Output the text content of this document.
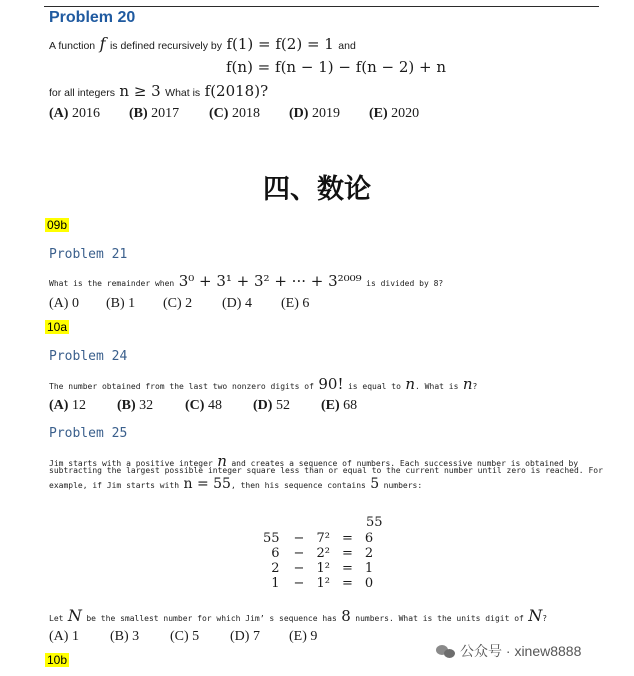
Problem 20
A function f is defined recursively by f(1) = f(2) = 1 and
f(n) = f(n − 1) − f(n − 2) + n
for all integers n ≥ 3 What is f(2018)?
(A) 2016 (B) 2017 (C) 2018 (D) 2019 (E) 2020
四、数论
09b
Problem 21
What is the remainder when 3⁰ + 3¹ + 3² + ··· + 3²⁰⁰⁹ is divided by 8?
(A) 0 (B) 1 (C) 2 (D) 4 (E) 6
10a
Problem 24
The number obtained from the last two nonzero digits of 90! is equal to n. What is n?
(A) 12 (B) 32 (C) 48 (D) 52 (E) 68
Problem 25
Jim starts with a positive integer n and creates a sequence of numbers. Each successive number is obtained by
subtracting the largest possible integer square less than or equal to the current number until zero is reached. For
example, if Jim starts with n = 55, then his sequence contains 5 numbers:
55
55	−	7²	=	6
6	−	2²	=	2
2	−	1²	=	1
1	−	1²	=	0
Let N be the smallest number for which Jim’ s sequence has 8 numbers. What is the units digit of N?
(A) 1 (B) 3 (C) 5 (D) 7 (E) 9
10b
公众号 · xinew8888
